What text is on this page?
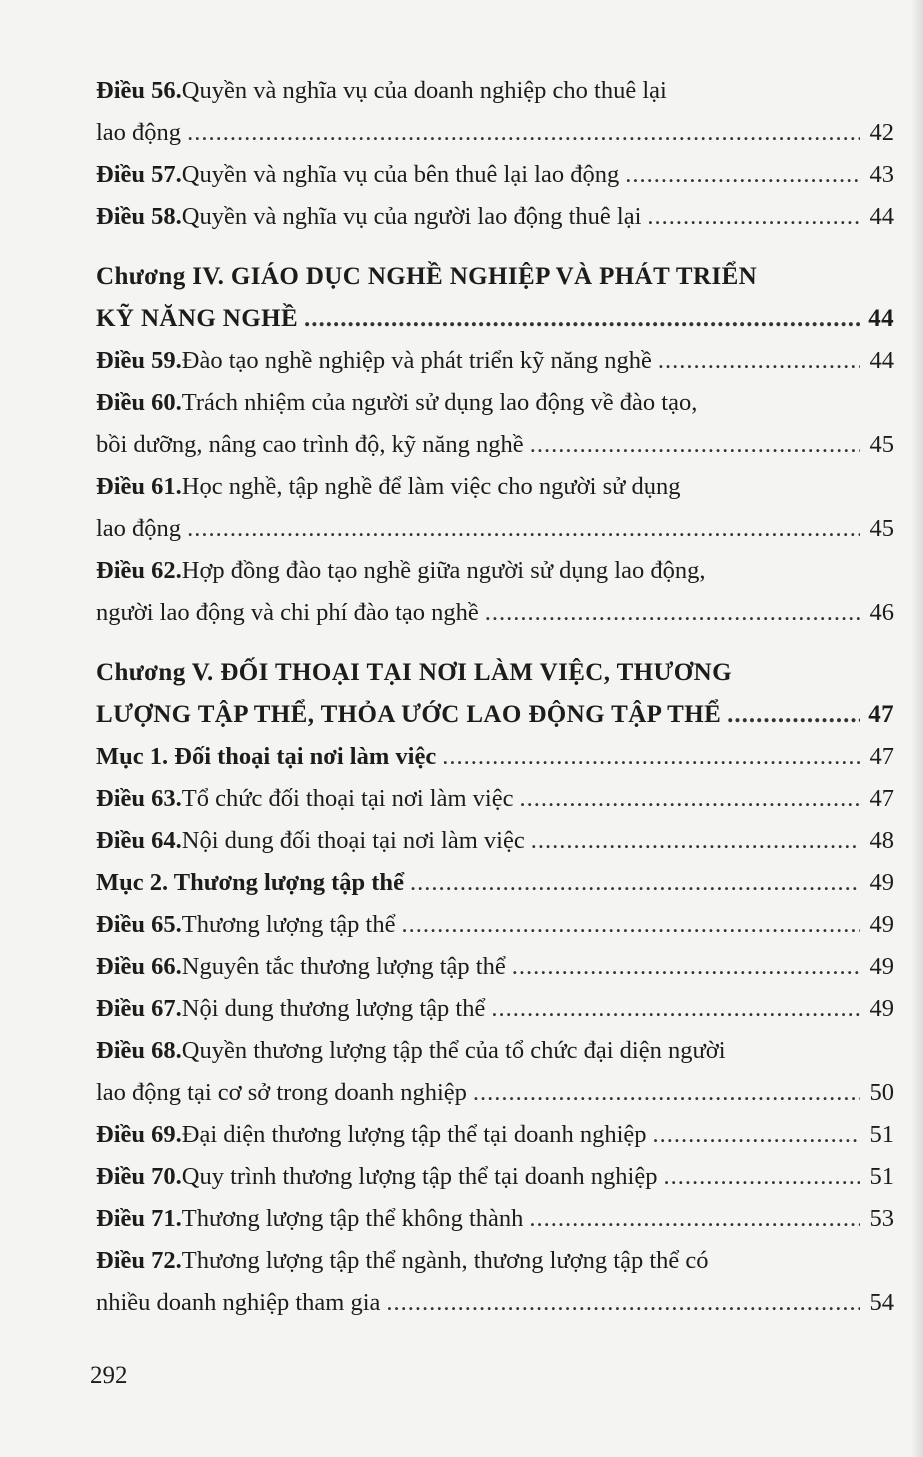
Điều 56. Quyền và nghĩa vụ của doanh nghiệp cho thuê lại
lao động .....	42
Điều 57. Quyền và nghĩa vụ của bên thuê lại lao động .....	43
Điều 58. Quyền và nghĩa vụ của người lao động thuê lại .....	44
Chương IV. GIÁO DỤC NGHỀ NGHIỆP VÀ PHÁT TRIỂN
KỸ NĂNG NGHỀ .....	44
Điều 59. Đào tạo nghề nghiệp và phát triển kỹ năng nghề .....	44
Điều 60. Trách nhiệm của người sử dụng lao động về đào tạo,
bồi dưỡng, nâng cao trình độ, kỹ năng nghề .....	45
Điều 61. Học nghề, tập nghề để làm việc cho người sử dụng
lao động .....	45
Điều 62. Hợp đồng đào tạo nghề giữa người sử dụng lao động,
người lao động và chi phí đào tạo nghề .....	46
Chương V. ĐỐI THOẠI TẠI NƠI LÀM VIỆC, THƯƠNG
LƯỢNG TẬP THỂ, THỎA ƯỚC LAO ĐỘNG TẬP THỂ .....	47
Mục 1. Đối thoại tại nơi làm việc .....	47
Điều 63. Tổ chức đối thoại tại nơi làm việc .....	47
Điều 64. Nội dung đối thoại tại nơi làm việc .....	48
Mục 2. Thương lượng tập thể .....	49
Điều 65. Thương lượng tập thể .....	49
Điều 66. Nguyên tắc thương lượng tập thể .....	49
Điều 67. Nội dung thương lượng tập thể .....	49
Điều 68. Quyền thương lượng tập thể của tổ chức đại diện người
lao động tại cơ sở trong doanh nghiệp .....	50
Điều 69. Đại diện thương lượng tập thể tại doanh nghiệp .....	51
Điều 70. Quy trình thương lượng tập thể tại doanh nghiệp .....	51
Điều 71. Thương lượng tập thể không thành .....	53
Điều 72. Thương lượng tập thể ngành, thương lượng tập thể có
nhiều doanh nghiệp tham gia .....	54
292
